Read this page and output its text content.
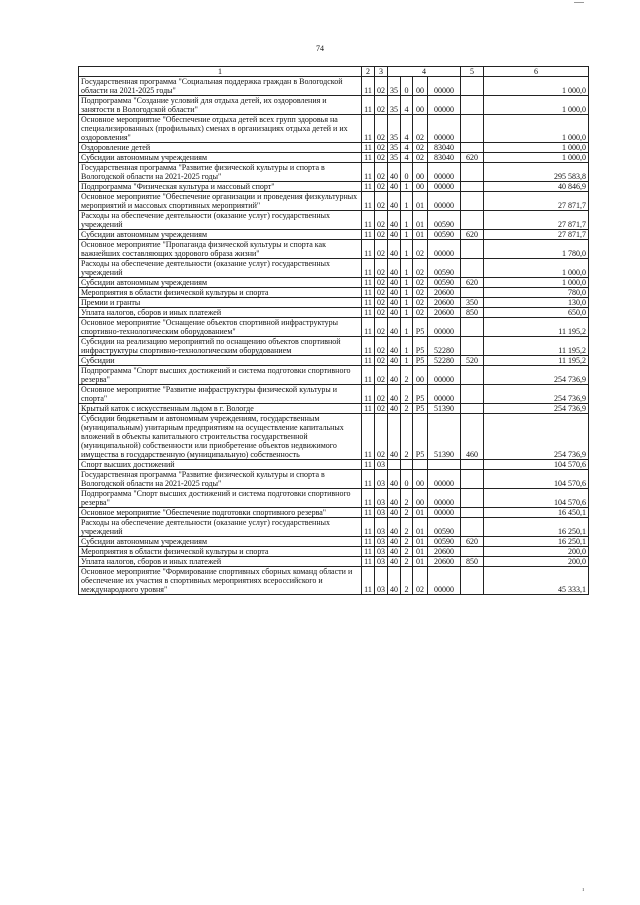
74
1	2	3	4				5	6
Государственная программа "Социальная поддержка граждан в Вологодской области на 2021-2025 годы"	11	02	35	0	00	00000		1 000,0
Подпрограмма "Создание условий для отдыха детей, их оздоровления и занятости в Вологодской области"	11	02	35	4	00	00000		1 000,0
Основное мероприятие "Обеспечение отдыха детей всех групп здоровья на специализированных (профильных) сменах в организациях отдыха детей и их оздоровления"	11	02	35	4	02	00000		1 000,0
Оздоровление детей	11	02	35	4	02	83040		1 000,0
Субсидии автономным учреждениям	11	02	35	4	02	83040	620	1 000,0
Государственная программа "Развитие физической культуры и спорта в Вологодской области на 2021-2025 годы"	11	02	40	0	00	00000		295 583,8
Подпрограмма "Физическая культура и массовый спорт"	11	02	40	1	00	00000		40 846,9
Основное мероприятие "Обеспечение организации и проведения физкультурных мероприятий и массовых спортивных мероприятий"	11	02	40	1	01	00000		27 871,7
Расходы на обеспечение деятельности (оказание услуг) государственных учреждений	11	02	40	1	01	00590		27 871,7
Субсидии автономным учреждениям	11	02	40	1	01	00590	620	27 871,7
Основное мероприятие "Пропаганда физической культуры и спорта как важнейших составляющих здорового образа жизни"	11	02	40	1	02	00000		1 780,0
Расходы на обеспечение деятельности (оказание услуг) государственных учреждений	11	02	40	1	02	00590		1 000,0
Субсидии автономным учреждениям	11	02	40	1	02	00590	620	1 000,0
Мероприятия в области физической культуры и спорта	11	02	40	1	02	20600		780,0
Премии и гранты	11	02	40	1	02	20600	350	130,0
Уплата налогов, сборов и иных платежей	11	02	40	1	02	20600	850	650,0
Основное мероприятие "Оснащение объектов спортивной инфраструктуры спортивно-технологическим оборудованием"	11	02	40	1	P5	00000		11 195,2
Субсидии на реализацию мероприятий по оснащению объектов спортивной инфраструктуры спортивно-технологическим оборудованием	11	02	40	1	P5	52280		11 195,2
Субсидии	11	02	40	1	P5	52280	520	11 195,2
Подпрограмма "Спорт высших достижений и система подготовки спортивного резерва"	11	02	40	2	00	00000		254 736,9
Основное мероприятие "Развитие инфраструктуры физической культуры и спорта"	11	02	40	2	P5	00000		254 736,9
Крытый каток с искусственным льдом в г. Вологде	11	02	40	2	P5	51390		254 736,9
Субсидии бюджетным и автономным учреждениям, государственным (муниципальным) унитарным предприятиям на осуществление капитальных вложений в объекты капитального строительства государственной (муниципальной) собственности или приобретение объектов недвижимого имущества в государственную (муниципальную) собственность	11	02	40	2	P5	51390	460	254 736,9
Спорт высших достижений	11	03						104 570,6
Государственная программа "Развитие физической культуры и спорта в Вологодской области на 2021-2025 годы"	11	03	40	0	00	00000		104 570,6
Подпрограмма "Спорт высших достижений и система подготовки спортивного резерва"	11	03	40	2	00	00000		104 570,6
Основное мероприятие "Обеспечение подготовки спортивного резерва"	11	03	40	2	01	00000		16 450,1
Расходы на обеспечение деятельности (оказание услуг) государственных учреждений	11	03	40	2	01	00590		16 250,1
Субсидии автономным учреждениям	11	03	40	2	01	00590	620	16 250,1
Мероприятия в области физической культуры и спорта	11	03	40	2	01	20600		200,0
Уплата налогов, сборов и иных платежей	11	03	40	2	01	20600	850	200,0
Основное мероприятие "Формирование спортивных сборных команд области и обеспечение их участия в спортивных мероприятиях всероссийского и международного уровня"	11	03	40	2	02	00000		45 333,1
ı
